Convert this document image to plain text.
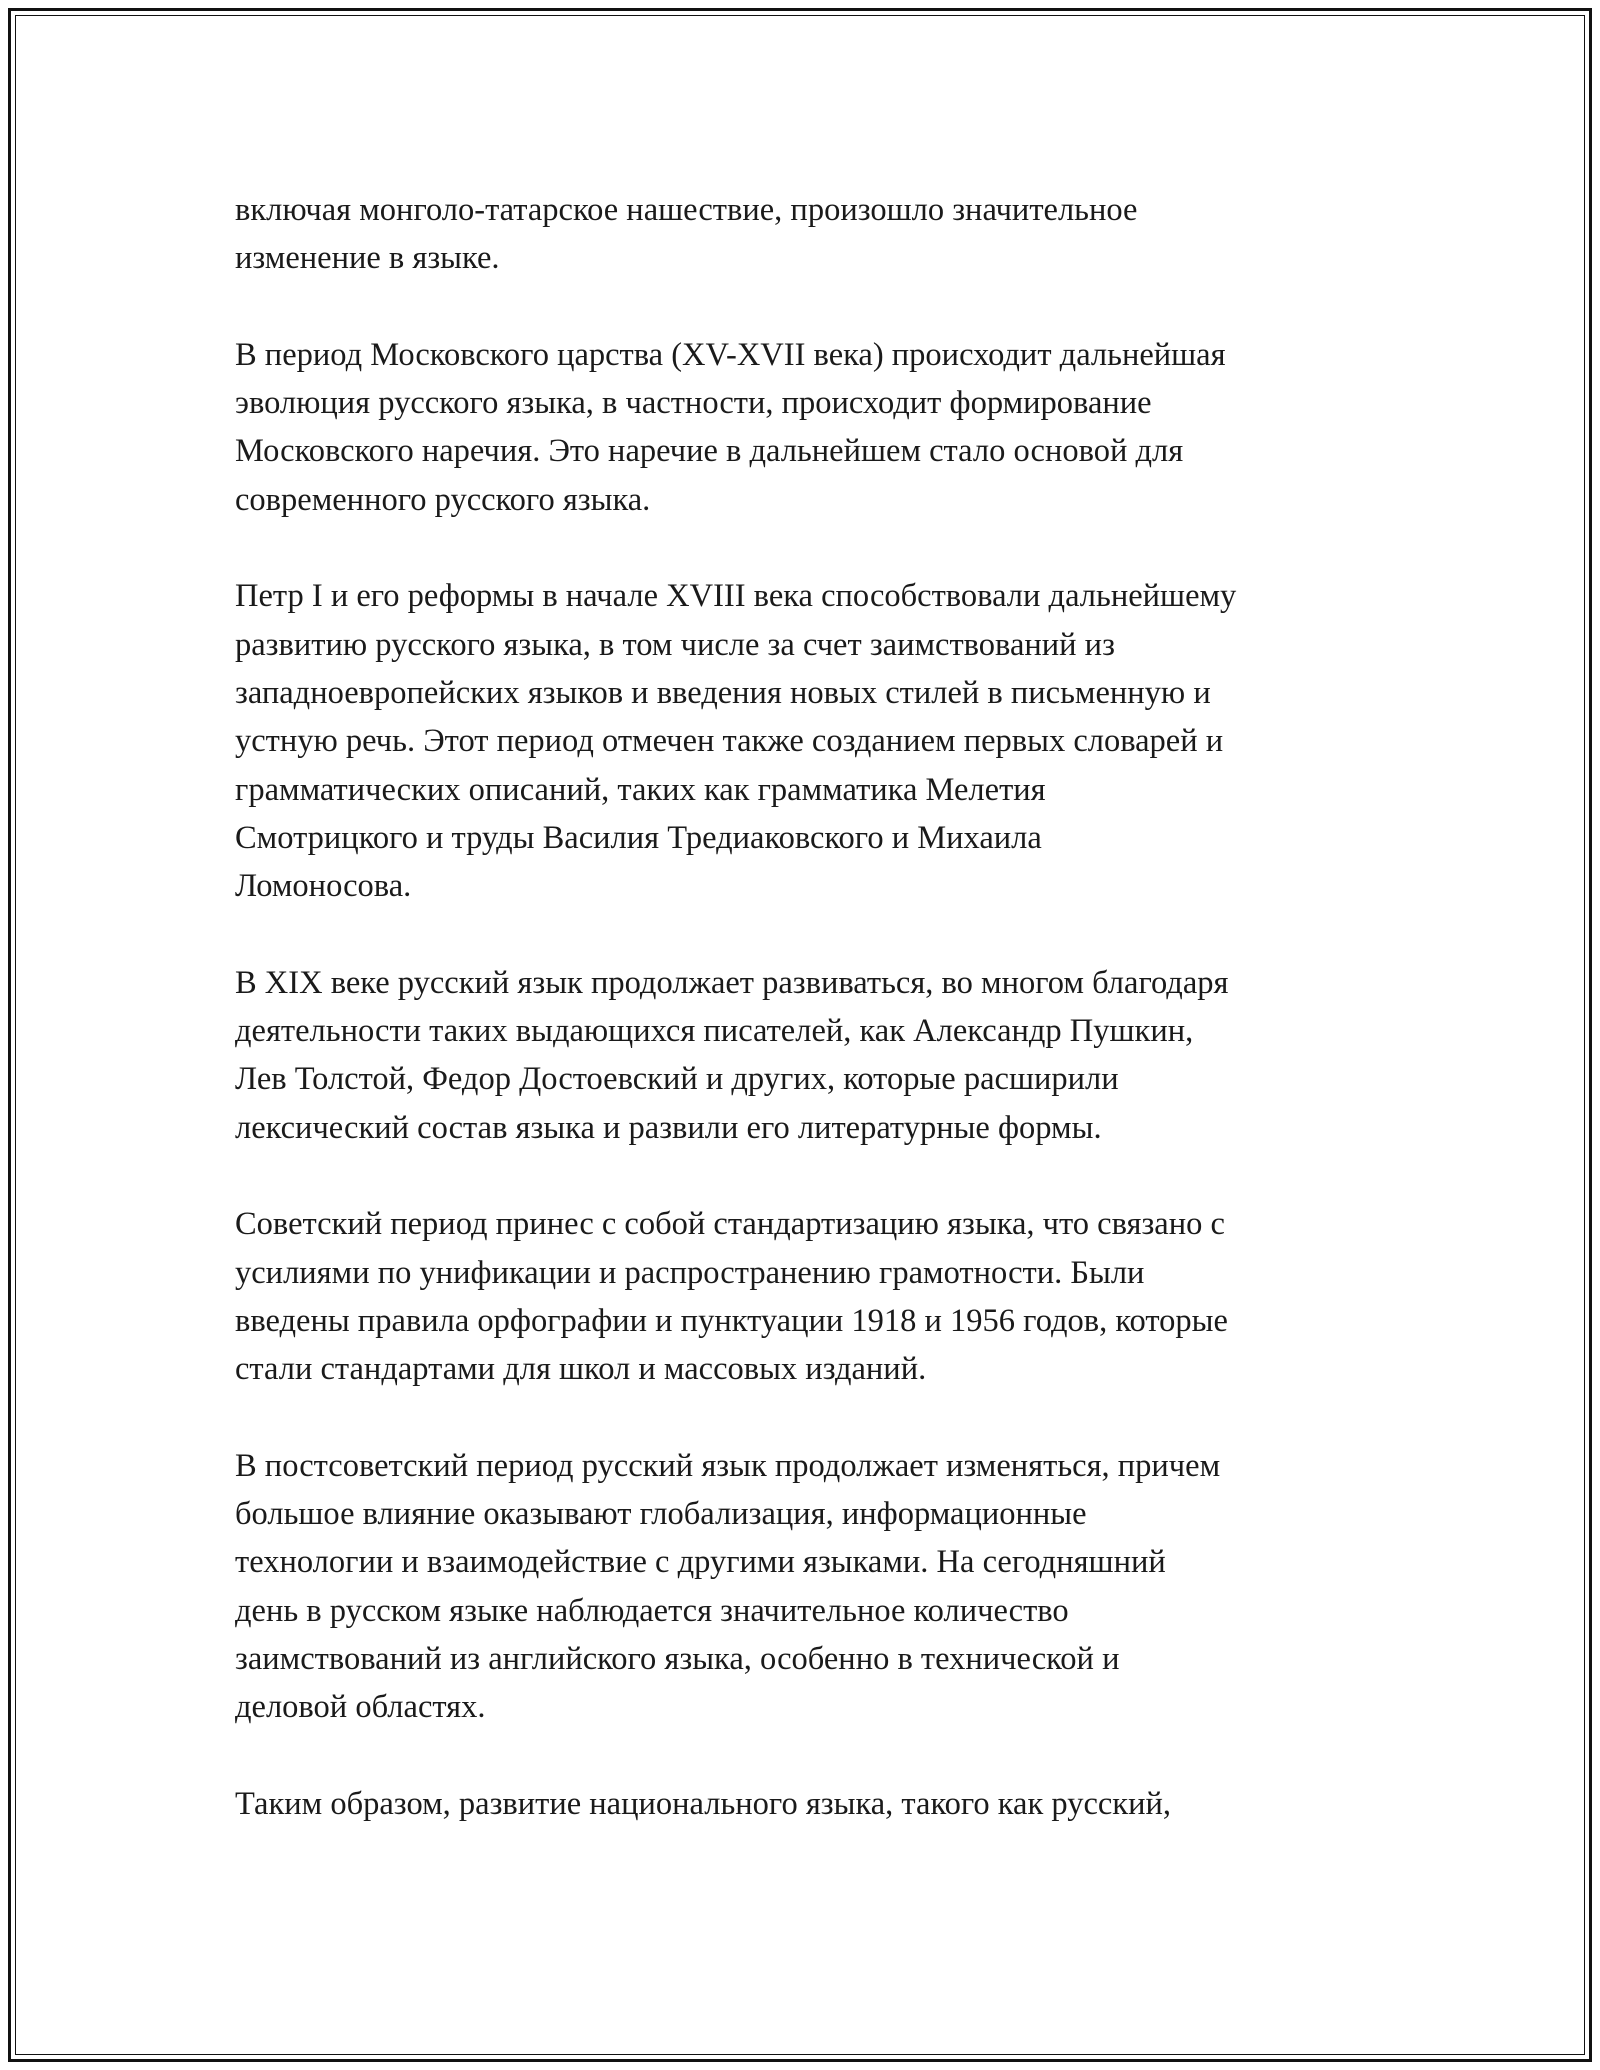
включая монголо-татарское нашествие, произошло значительное
изменение в языке.

В период Московского царства (XV-XVII века) происходит дальнейшая
эволюция русского языка, в частности, происходит формирование
Московского наречия. Это наречие в дальнейшем стало основой для
современного русского языка.

Петр I и его реформы в начале XVIII века способствовали дальнейшему
развитию русского языка, в том числе за счет заимствований из
западноевропейских языков и введения новых стилей в письменную и
устную речь. Этот период отмечен также созданием первых словарей и
грамматических описаний, таких как грамматика Мелетия
Смотрицкого и труды Василия Тредиаковского и Михаила
Ломоносова.

В XIX веке русский язык продолжает развиваться, во многом благодаря
деятельности таких выдающихся писателей, как Александр Пушкин,
Лев Толстой, Федор Достоевский и других, которые расширили
лексический состав языка и развили его литературные формы.

Советский период принес с собой стандартизацию языка, что связано с
усилиями по унификации и распространению грамотности. Были
введены правила орфографии и пунктуации 1918 и 1956 годов, которые
стали стандартами для школ и массовых изданий.

В постсоветский период русский язык продолжает изменяться, причем
большое влияние оказывают глобализация, информационные
технологии и взаимодействие с другими языками. На сегодняшний
день в русском языке наблюдается значительное количество
заимствований из английского языка, особенно в технической и
деловой областях.

Таким образом, развитие национального языка, такого как русский,
